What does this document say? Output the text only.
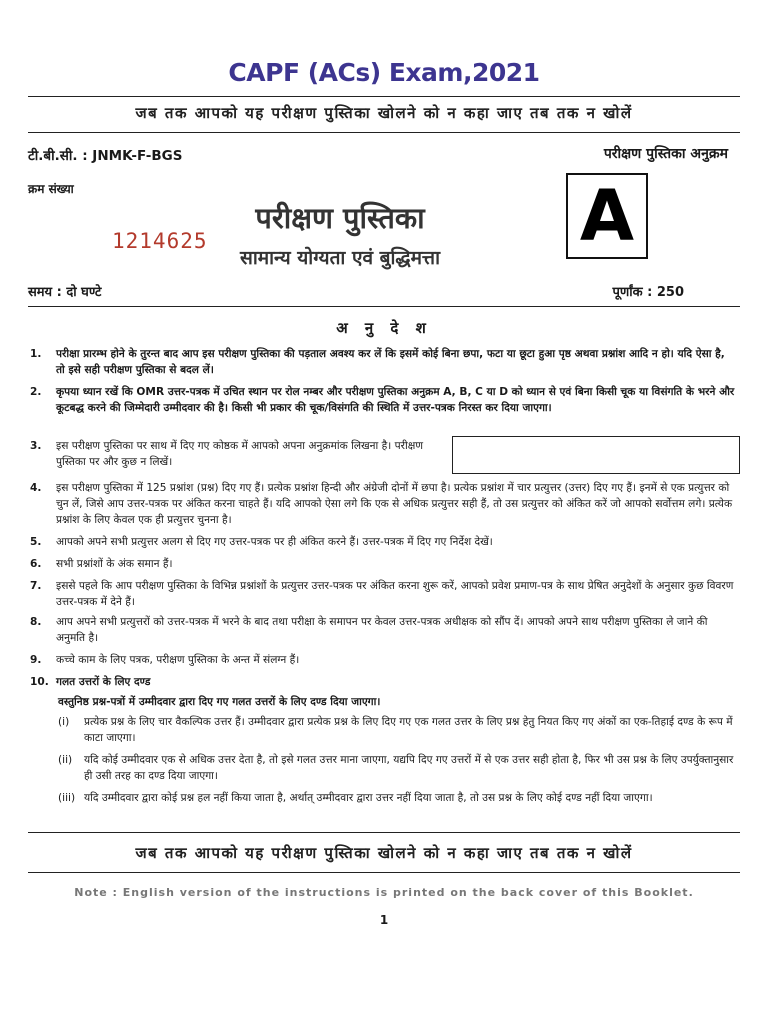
CAPF (ACs) Exam,2021
जब तक आपको यह परीक्षण पुस्तिका खोलने को न कहा जाए तब तक न खोलें
टी.बी.सी. : JNMK-F-BGS	परीक्षण पुस्तिका अनुक्रम
क्रम संख्या
1214625
परीक्षण पुस्तिका
सामान्य योग्यता एवं बुद्धिमत्ता
A
समय : दो घण्टे	पूर्णांक : 250
अ नु दे श
1.	परीक्षा प्रारम्भ होने के तुरन्त बाद आप इस परीक्षण पुस्तिका की पड़ताल अवश्य कर लें कि इसमें कोई बिना छपा, फटा या छूटा हुआ पृष्ठ अथवा प्रश्नांश आदि न हो। यदि ऐसा है, तो इसे सही परीक्षण पुस्तिका से बदल लें।
2.	कृपया ध्यान रखें कि OMR उत्तर-पत्रक में उचित स्थान पर रोल नम्बर और परीक्षण पुस्तिका अनुक्रम A, B, C या D को ध्यान से एवं बिना किसी चूक या विसंगति के भरने और कूटबद्ध करने की जिम्मेदारी उम्मीदवार की है। किसी भी प्रकार की चूक/विसंगति की स्थिति में उत्तर-पत्रक निरस्त कर दिया जाएगा।
3.	इस परीक्षण पुस्तिका पर साथ में दिए गए कोष्ठक में आपको अपना अनुक्रमांक लिखना है। परीक्षण पुस्तिका पर और कुछ न लिखें।
4.	इस परीक्षण पुस्तिका में 125 प्रश्नांश (प्रश्न) दिए गए हैं। प्रत्येक प्रश्नांश हिन्दी और अंग्रेजी दोनों में छपा है। प्रत्येक प्रश्नांश में चार प्रत्युत्तर (उत्तर) दिए गए हैं। इनमें से एक प्रत्युत्तर को चुन लें, जिसे आप उत्तर-पत्रक पर अंकित करना चाहते हैं। यदि आपको ऐसा लगे कि एक से अधिक प्रत्युत्तर सही हैं, तो उस प्रत्युत्तर को अंकित करें जो आपको सर्वोत्तम लगे। प्रत्येक प्रश्नांश के लिए केवल एक ही प्रत्युत्तर चुनना है।
5.	आपको अपने सभी प्रत्युत्तर अलग से दिए गए उत्तर-पत्रक पर ही अंकित करने हैं। उत्तर-पत्रक में दिए गए निर्देश देखें।
6.	सभी प्रश्नांशों के अंक समान हैं।
7.	इससे पहले कि आप परीक्षण पुस्तिका के विभिन्न प्रश्नांशों के प्रत्युत्तर उत्तर-पत्रक पर अंकित करना शुरू करें, आपको प्रवेश प्रमाण-पत्र के साथ प्रेषित अनुदेशों के अनुसार कुछ विवरण उत्तर-पत्रक में देने हैं।
8.	आप अपने सभी प्रत्युत्तरों को उत्तर-पत्रक में भरने के बाद तथा परीक्षा के समापन पर केवल उत्तर-पत्रक अधीक्षक को सौंप दें। आपको अपने साथ परीक्षण पुस्तिका ले जाने की अनुमति है।
9.	कच्चे काम के लिए पत्रक, परीक्षण पुस्तिका के अन्त में संलग्न हैं।
10. गलत उत्तरों के लिए दण्ड
वस्तुनिष्ठ प्रश्न-पत्रों में उम्मीदवार द्वारा दिए गए गलत उत्तरों के लिए दण्ड दिया जाएगा।
(i)	प्रत्येक प्रश्न के लिए चार वैकल्पिक उत्तर हैं। उम्मीदवार द्वारा प्रत्येक प्रश्न के लिए दिए गए एक गलत उत्तर के लिए प्रश्न हेतु नियत किए गए अंकों का एक-तिहाई दण्ड के रूप में काटा जाएगा।
(ii)	यदि कोई उम्मीदवार एक से अधिक उत्तर देता है, तो इसे गलत उत्तर माना जाएगा, यद्यपि दिए गए उत्तरों में से एक उत्तर सही होता है, फिर भी उस प्रश्न के लिए उपर्युक्तानुसार ही उसी तरह का दण्ड दिया जाएगा।
(iii) यदि उम्मीदवार द्वारा कोई प्रश्न हल नहीं किया जाता है, अर्थात् उम्मीदवार द्वारा उत्तर नहीं दिया जाता है, तो उस प्रश्न के लिए कोई दण्ड नहीं दिया जाएगा।
जब तक आपको यह परीक्षण पुस्तिका खोलने को न कहा जाए तब तक न खोलें
Note : English version of the instructions is printed on the back cover of this Booklet.
1
